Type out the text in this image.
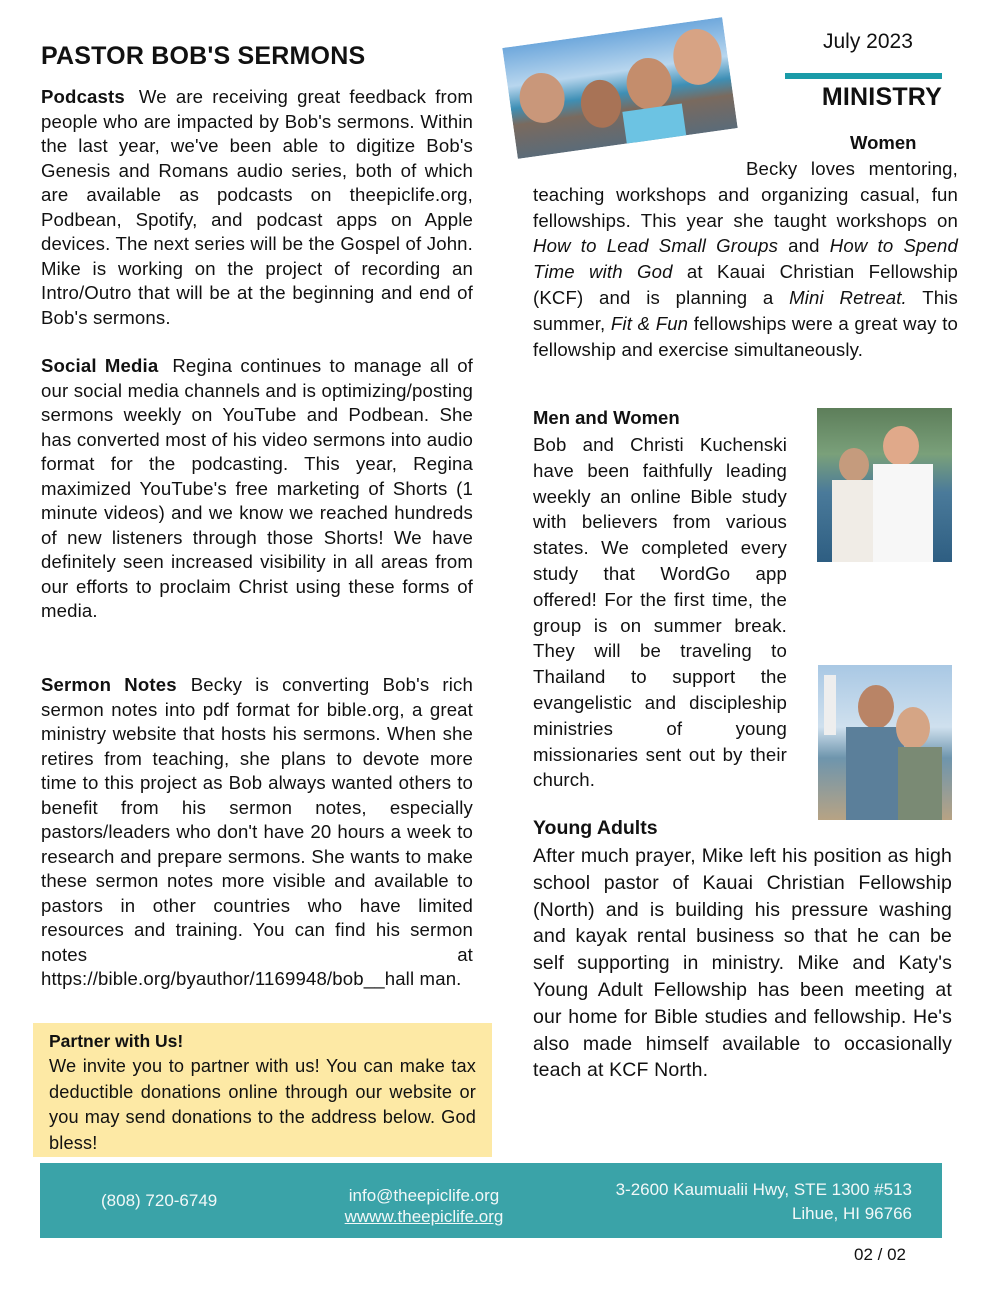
PASTOR BOB'S SERMONS
Podcasts We are receiving great feedback from people who are impacted by Bob's sermons. Within the last year, we've been able to digitize Bob's Genesis and Romans audio series, both of which are available as podcasts on theepiclife.org, Podbean, Spotify, and podcast apps on Apple devices. The next series will be the Gospel of John. Mike is working on the project of recording an Intro/Outro that will be at the beginning and end of Bob's sermons.
Social Media Regina continues to manage all of our social media channels and is optimizing/posting sermons weekly on YouTube and Podbean. She has converted most of his video sermons into audio format for the podcasting. This year, Regina maximized YouTube's free marketing of Shorts (1 minute videos) and we know we reached hundreds of new listeners through those Shorts! We have definitely seen increased visibility in all areas from our efforts to proclaim Christ using these forms of media.
Sermon Notes Becky is converting Bob's rich sermon notes into pdf format for bible.org, a great ministry website that hosts his sermons. When she retires from teaching, she plans to devote more time to this project as Bob always wanted others to benefit from his sermon notes, especially pastors/leaders who don't have 20 hours a week to research and prepare sermons. She wants to make these sermon notes more visible and available to pastors in other countries who have limited resources and training. You can find his sermon notes at https://bible.org/byauthor/1169948/bob__hall man.
Partner with Us!
We invite you to partner with us! You can make tax deductible donations online through our website or you may send donations to the address below. God bless!
July 2023
MINISTRY
Women
Becky loves mentoring, teaching workshops and organizing casual, fun fellowships. This year she taught workshops on How to Lead Small Groups and How to Spend Time with God at Kauai Christian Fellowship (KCF) and is planning a Mini Retreat. This summer, Fit & Fun fellowships were a great way to fellowship and exercise simultaneously.
Men and Women
Bob and Christi Kuchenski have been faithfully leading weekly an online Bible study with believers from various states. We completed every study that WordGo app offered! For the first time, the group is on summer break. They will be traveling to Thailand to support the evangelistic and discipleship ministries of young missionaries sent out by their church.
Young Adults
After much prayer, Mike left his position as high school pastor of Kauai Christian Fellowship (North) and is building his pressure washing and kayak rental business so that he can be self supporting in ministry. Mike and Katy's Young Adult Fellowship has been meeting at our home for Bible studies and fellowship. He's also made himself available to occasionally teach at KCF North.
(808) 720-6749	info@theepiclife.org
wwww.theepiclife.org
3-2600 Kaumualii Hwy, STE 1300 #513
Lihue, HI 96766
02 / 02
